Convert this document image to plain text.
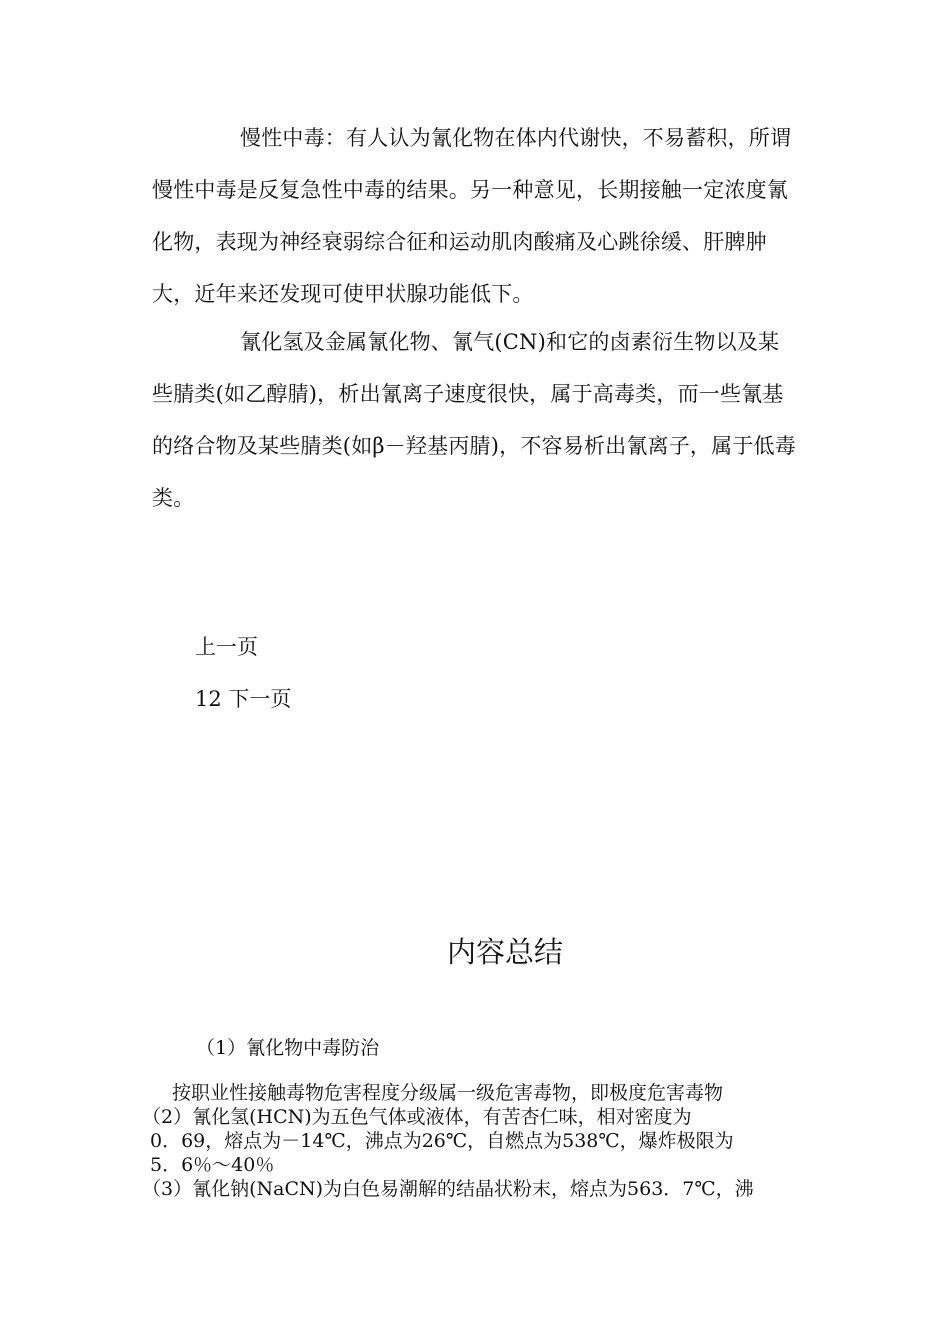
慢性中毒：有人认为氰化物在体内代谢快，不易蓄积，所谓慢性中毒是反复急性中毒的结果。另一种意见，长期接触一定浓度氰化物，表现为神经衰弱综合征和运动肌肉酸痛及心跳徐缓、肝脾肿大，近年来还发现可使甲状腺功能低下。

氰化氢及金属氰化物、氰气(CN)和它的卤素衍生物以及某些腈类(如乙醇腈)，析出氰离子速度很快，属于高毒类，而一些氰基的络合物及某些腈类(如β－羟基丙腈)，不容易析出氰离子，属于低毒类。

上一页

12 下一页

内容总结

（1）氰化物中毒防治

按职业性接触毒物危害程度分级属一级危害毒物，即极度危害毒物
（2）氰化氢(HCN)为五色气体或液体，有苦杏仁味，相对密度为
0．69，熔点为－14℃，沸点为26℃，自燃点为538℃，爆炸极限为
5．6％～40％
（3）氰化钠(NaCN)为白色易潮解的结晶状粉末，熔点为563．7℃，沸
